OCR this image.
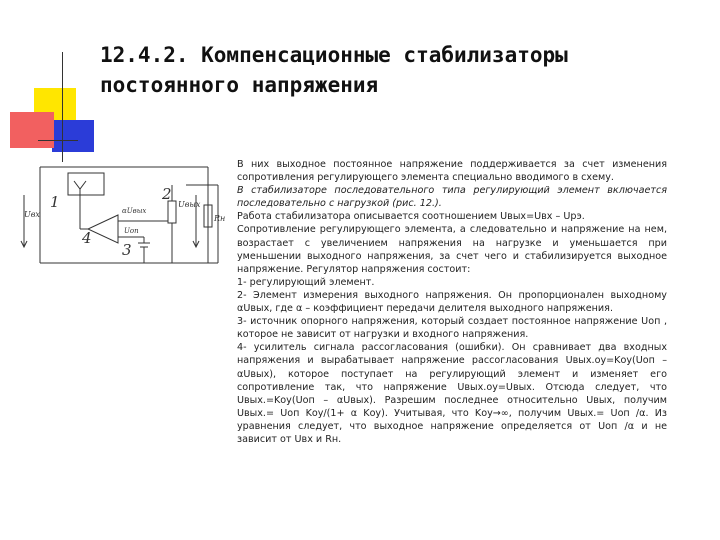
12.4.2. Компенсационные стабилизаторы
постоянного напряжения
1	2
3
4
Uвх
Uвых
αUвых
Uоп
Rн

В них выходное постоянное напряжение поддерживается за счет изменения сопротивления регулирующего элемента специально вводимого в схему.

В стабилизаторе последовательного типа регулирующий элемент включается последовательно с нагрузкой (рис. 12.).

Работа стабилизатора описывается соотношением Uвых=Uвх – Uрэ.

Сопротивление регулирующего элемента, а следовательно и напряжение на нем, возрастает с увеличением напряжения на нагрузке и уменьшается при уменьшении выходного напряжения, за счет чего и стабилизируется выходное напряжение. Регулятор напряжения состоит:

1- регулирующий элемент.

2- Элемент измерения выходного напряжения. Он пропорционален выходному αUвых, где α – коэффициент передачи делителя выходного напряжения.

3- источник опорного напряжения, который создает постоянное напряжение Uоп , которое не зависит от нагрузки и входного напряжения.

4- усилитель сигнала рассогласования (ошибки). Он сравнивает два входных напряжения и вырабатывает напряжение рассогласования Uвых.оу=Kоу(Uоп – αUвых), которое поступает на регулирующий элемент и изменяет его сопротивление так, что напряжение Uвых.оу=Uвых. Отсюда следует, что Uвых.=Kоу(Uоп – αUвых). Разрешим последнее относительно Uвых, получим Uвых.= Uоп Kоу/(1+ α Kоу). Учитывая, что Kоу→∞, получим Uвых.= Uоп /α. Из уравнения следует, что выходное напряжение определяется от Uоп /α и не зависит от Uвх и Rн.
